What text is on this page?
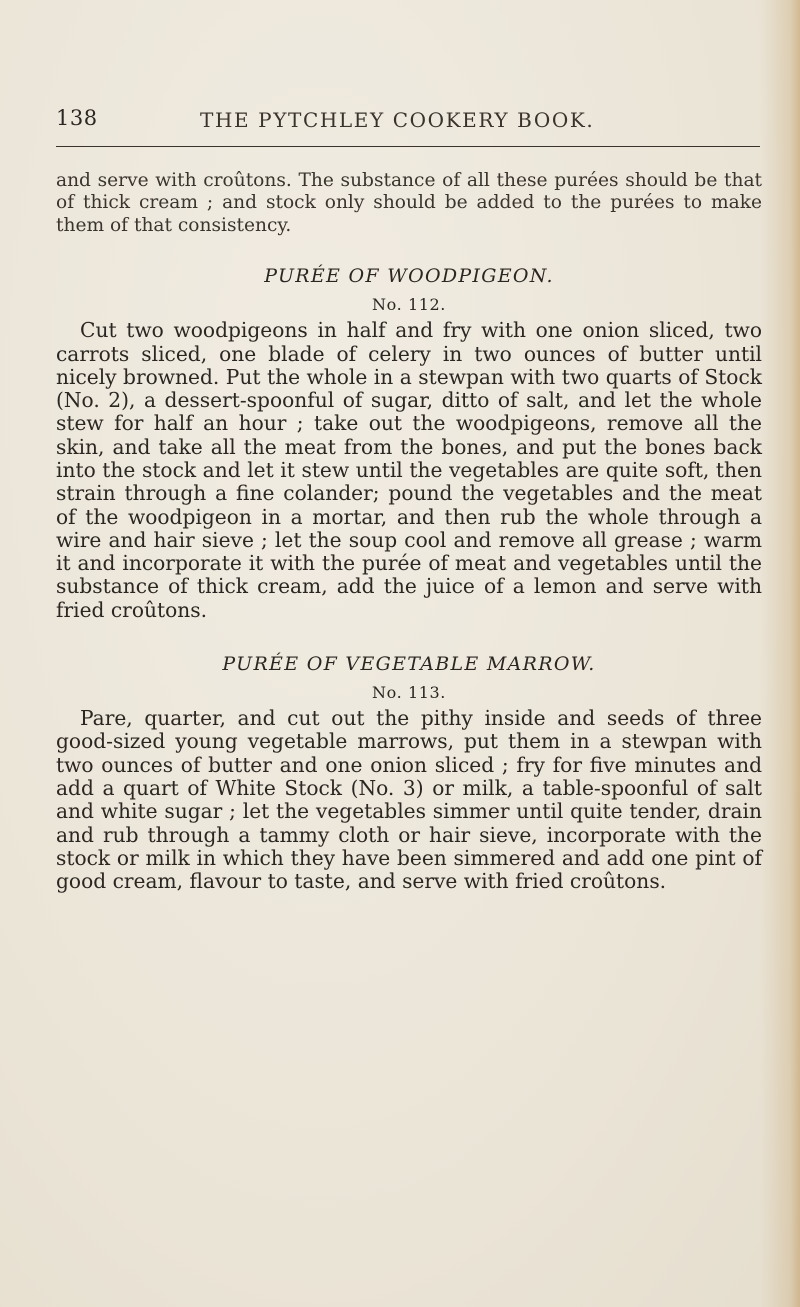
138	THE PYTCHLEY COOKERY BOOK.

and serve with croûtons. The substance of all these purées should be that of thick cream ; and stock only should be added to the purées to make them of that consistency.

PURÉE OF WOODPIGEON.
No. 112.

Cut two woodpigeons in half and fry with one onion sliced, two carrots sliced, one blade of celery in two ounces of butter until nicely browned. Put the whole in a stewpan with two quarts of Stock (No. 2), a dessert-spoonful of sugar, ditto of salt, and let the whole stew for half an hour ; take out the woodpigeons, remove all the skin, and take all the meat from the bones, and put the bones back into the stock and let it stew until the vegetables are quite soft, then strain through a fine colander; pound the vegetables and the meat of the woodpigeon in a mortar, and then rub the whole through a wire and hair sieve ; let the soup cool and remove all grease ; warm it and incorporate it with the purée of meat and vegetables until the substance of thick cream, add the juice of a lemon and serve with fried croûtons.

PURÉE OF VEGETABLE MARROW.
No. 113.

Pare, quarter, and cut out the pithy inside and seeds of three good-sized young vegetable marrows, put them in a stewpan with two ounces of butter and one onion sliced ; fry for five minutes and add a quart of White Stock (No. 3) or milk, a table-spoonful of salt and white sugar ; let the vegetables simmer until quite tender, drain and rub through a tammy cloth or hair sieve, incorporate with the stock or milk in which they have been simmered and add one pint of good cream, flavour to taste, and serve with fried croûtons.
